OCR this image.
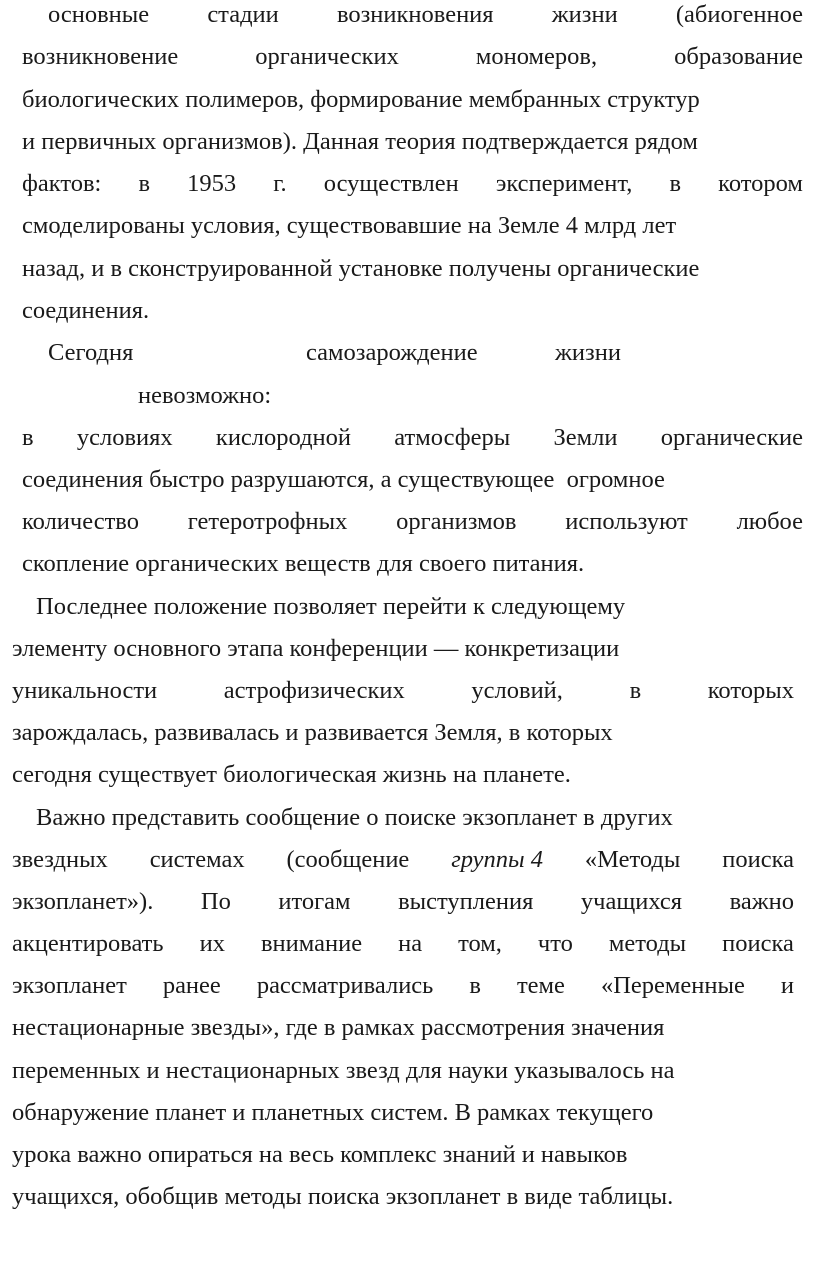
основные стадии возникновения жизни (абиогенное
возникновение	органических	мономеров,	образование
биологических полимеров, формирование мембранных структур
и первичных организмов). Данная теория подтверждается рядом
фактов: в 1953 г. осуществлен эксперимент, в котором
смоделированы условия, существовавшие на Земле 4 млрд лет
назад, и в сконструированной установке получены органические
соединения.
Сегодня	самозарождение	жизни
невозможно:
в условиях кислородной атмосферы Земли органические
соединения быстро разрушаются, а существующее  огромное
количество гетеротрофных организмов используют любое
скопление органических веществ для своего питания.
Последнее положение позволяет перейти к следующему
элементу основного этапа конференции — конкретизации
уникальности	астрофизических	условий,	в	которых
зарождалась, развивалась и развивается Земля, в которых
сегодня существует биологическая жизнь на планете.
Важно представить сообщение о поиске экзопланет в других
звездных системах (сообщение группы 4 «Методы поиска
экзопланет»). По итогам выступления учащихся важно
акцентировать их внимание на том, что методы поиска
экзопланет ранее рассматривались в теме «Переменные и
нестационарные звезды», где в рамках рассмотрения значения
переменных и нестационарных звезд для науки указывалось на
обнаружение планет и планетных систем. В рамках текущего
урока важно опираться на весь комплекс знаний и навыков
учащихся, обобщив методы поиска экзопланет в виде таблицы.
